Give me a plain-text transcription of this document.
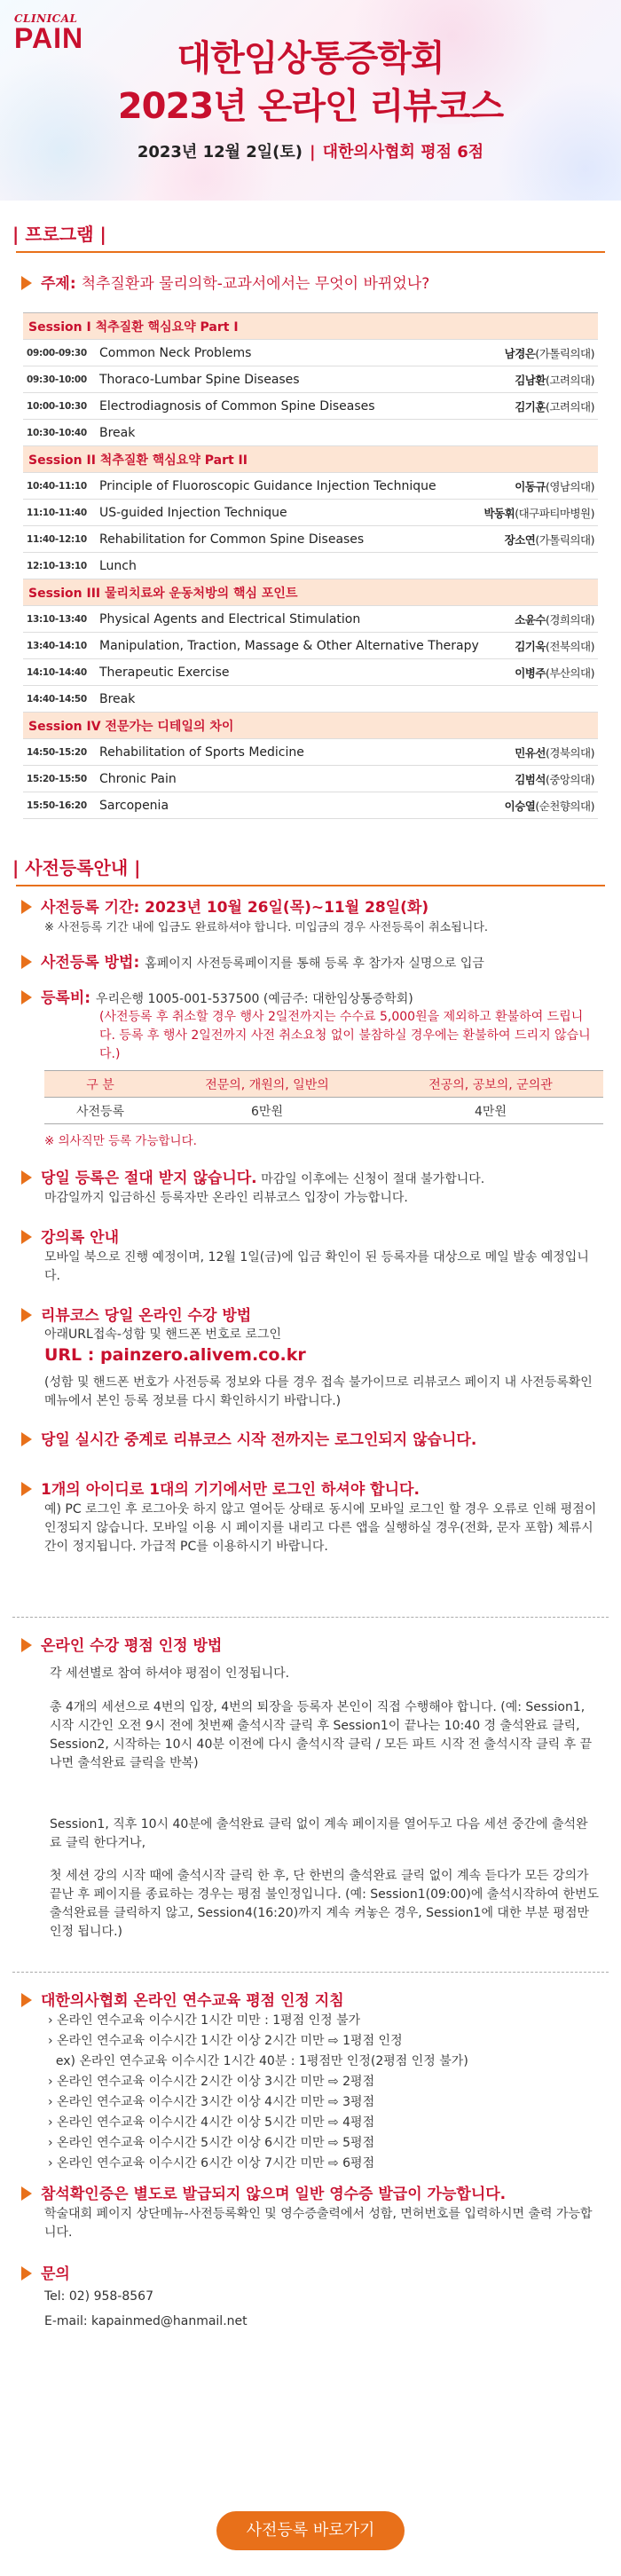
CLINICAL
PAIN	대한임상통증학회
2023년 온라인 리뷰코스
2023년 12월 2일(토) | 대한의사협회 평점 6점
| 프로그램 |
주제: 척추질환과 물리의학-교과서에서는 무엇이 바뀌었나?
Session I 척추질환 핵심요약 Part I
09:00-09:30	Common Neck Problems	남경은(가톨릭의대)
09:30-10:00	Thoraco-Lumbar Spine Diseases	김남환(고려의대)
10:00-10:30	Electrodiagnosis of Common Spine Diseases	김기훈(고려의대)
10:30-10:40	Break
Session II 척추질환 핵심요약 Part II
10:40-11:10	Principle of Fluoroscopic Guidance Injection Technique	이동규(영남의대)
11:10-11:40	US-guided Injection Technique	박동휘(대구파티마병원)
11:40-12:10	Rehabilitation for Common Spine Diseases	장소연(가톨릭의대)
12:10-13:10	Lunch
Session III 물리치료와 운동처방의 핵심 포인트
13:10-13:40	Physical Agents and Electrical Stimulation	소윤수(경희의대)
13:40-14:10	Manipulation, Traction, Massage & Other Alternative Therapy	김기욱(전북의대)
14:10-14:40	Therapeutic Exercise	이병주(부산의대)
14:40-14:50	Break
Session IV 전문가는 디테일의 차이
14:50-15:20	Rehabilitation of Sports Medicine	민유선(경북의대)
15:20-15:50	Chronic Pain	김범석(중앙의대)
15:50-16:20	Sarcopenia	이승열(순천향의대)
| 사전등록안내 |
사전등록 기간: 2023년 10월 26일(목)~11월 28일(화)
※ 사전등록 기간 내에 입금도 완료하셔야 합니다. 미입금의 경우 사전등록이 취소됩니다.
사전등록 방법: 홈페이지 사전등록페이지를 통해 등록 후 참가자 실명으로 입금
등록비: 우리은행 1005-001-537500 (예금주: 대한임상통증학회)
(사전등록 후 취소할 경우 행사 2일전까지는 수수료 5,000원을 제외하고 환불하여 드립니다. 등록 후 행사 2일전까지 사전 취소요청 없이 불참하실 경우에는 환불하여 드리지 않습니다.)
구 분	전문의, 개원의, 일반의	전공의, 공보의, 군의관
사전등록	6만원	4만원
※ 의사직만 등록 가능합니다.
당일 등록은 절대 받지 않습니다. 마감일 이후에는 신청이 절대 불가합니다.
마감일까지 입금하신 등록자만 온라인 리뷰코스 입장이 가능합니다.
강의록 안내
모바일 북으로 진행 예정이며, 12월 1일(금)에 입금 확인이 된 등록자를 대상으로 메일 발송 예정입니다.
리뷰코스 당일 온라인 수강 방법
아래URL접속-성함 및 핸드폰 번호로 로그인
URL : painzero.alivem.co.kr
(성함 및 핸드폰 번호가 사전등록 정보와 다를 경우 접속 불가이므로 리뷰코스 페이지 내 사전등록확인 메뉴에서 본인 등록 정보를 다시 확인하시기 바랍니다.)
당일 실시간 중계로 리뷰코스 시작 전까지는 로그인되지 않습니다.
1개의 아이디로 1대의 기기에서만 로그인 하셔야 합니다.
예) PC 로그인 후 로그아웃 하지 않고 열어둔 상태로 동시에 모바일 로그인 할 경우 오류로 인해 평점이 인정되지 않습니다. 모바일 이용 시 페이지를 내리고 다른 앱을 실행하실 경우(전화, 문자 포함) 체류시간이 정지됩니다. 가급적 PC를 이용하시기 바랍니다.
온라인 수강 평점 인정 방법
각 세션별로 참여 하셔야 평점이 인정됩니다.
총 4개의 세션으로 4번의 입장, 4번의 퇴장을 등록자 본인이 직접 수행해야 합니다. (예: Session1, 시작 시간인 오전 9시 전에 첫번째 출석시작 클릭 후 Session1이 끝나는 10:40 경 출석완료 클릭, Session2, 시작하는 10시 40분 이전에 다시 출석시작 클릭 / 모든 파트 시작 전 출석시작 클릭 후 끝나면 출석완료 클릭을 반복)
Session1, 직후 10시 40분에 출석완료 클릭 없이 계속 페이지를 열어두고 다음 세션 중간에 출석완료 클릭 한다거나,
첫 세션 강의 시작 때에 출석시작 클릭 한 후, 단 한번의 출석완료 클릭 없이 계속 듣다가 모든 강의가 끝난 후 페이지를 종료하는 경우는 평점 불인정입니다. (예: Session1(09:00)에 출석시작하여 한번도 출석완료를 클릭하지 않고, Session4(16:20)까지 계속 켜놓은 경우, Session1에 대한 부분 평점만 인정 됩니다.)
대한의사협회 온라인 연수교육 평점 인정 지침
› 온라인 연수교육 이수시간 1시간 미만 : 1평점 인정 불가
› 온라인 연수교육 이수시간 1시간 이상 2시간 미만 ⇨ 1평점 인정
ex) 온라인 연수교육 이수시간 1시간 40분 : 1평점만 인정(2평점 인정 불가)
› 온라인 연수교육 이수시간 2시간 이상 3시간 미만 ⇨ 2평점
› 온라인 연수교육 이수시간 3시간 이상 4시간 미만 ⇨ 3평점
› 온라인 연수교육 이수시간 4시간 이상 5시간 미만 ⇨ 4평점
› 온라인 연수교육 이수시간 5시간 이상 6시간 미만 ⇨ 5평점
› 온라인 연수교육 이수시간 6시간 이상 7시간 미만 ⇨ 6평점
참석확인증은 별도로 발급되지 않으며 일반 영수증 발급이 가능합니다.
학술대회 페이지 상단메뉴-사전등록확인 및 영수증출력에서 성함, 면허번호를 입력하시면 출력 가능합니다.
문의
Tel: 02) 958-8567
E-mail: kapainmed@hanmail.net
사전등록 바로가기
